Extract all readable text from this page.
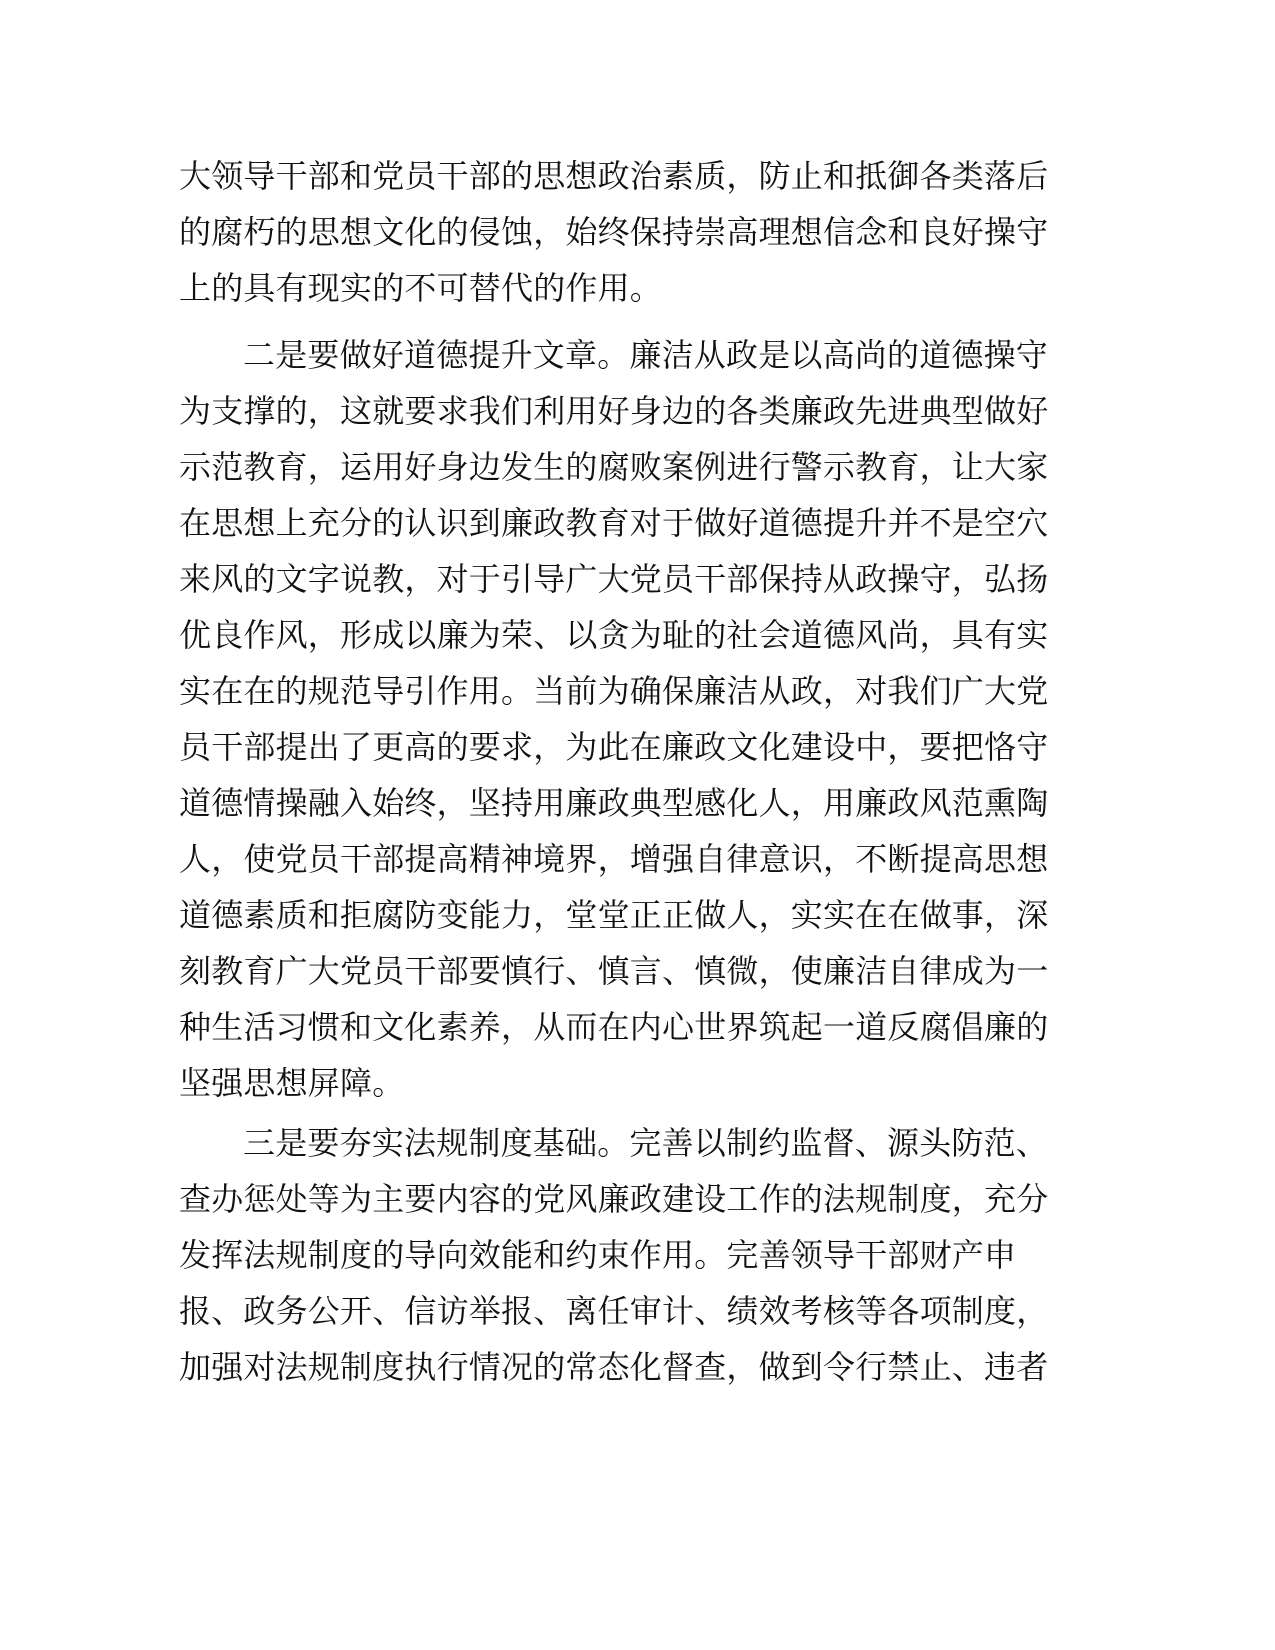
大领导干部和党员干部的思想政治素质，防止和抵御各类落后
的腐朽的思想文化的侵蚀，始终保持崇高理想信念和良好操守
上的具有现实的不可替代的作用。
二是要做好道德提升文章。廉洁从政是以高尚的道德操守
为支撑的，这就要求我们利用好身边的各类廉政先进典型做好
示范教育，运用好身边发生的腐败案例进行警示教育，让大家
在思想上充分的认识到廉政教育对于做好道德提升并不是空穴
来风的文字说教，对于引导广大党员干部保持从政操守，弘扬
优良作风，形成以廉为荣、以贪为耻的社会道德风尚，具有实
实在在的规范导引作用。当前为确保廉洁从政，对我们广大党
员干部提出了更高的要求，为此在廉政文化建设中，要把恪守
道德情操融入始终，坚持用廉政典型感化人，用廉政风范熏陶
人，使党员干部提高精神境界，增强自律意识，不断提高思想
道德素质和拒腐防变能力，堂堂正正做人，实实在在做事，深
刻教育广大党员干部要慎行、慎言、慎微，使廉洁自律成为一
种生活习惯和文化素养，从而在内心世界筑起一道反腐倡廉的
坚强思想屏障。
三是要夯实法规制度基础。完善以制约监督、源头防范、
查办惩处等为主要内容的党风廉政建设工作的法规制度，充分
发挥法规制度的导向效能和约束作用。完善领导干部财产申
报、政务公开、信访举报、离任审计、绩效考核等各项制度，
加强对法规制度执行情况的常态化督查，做到令行禁止、违者
